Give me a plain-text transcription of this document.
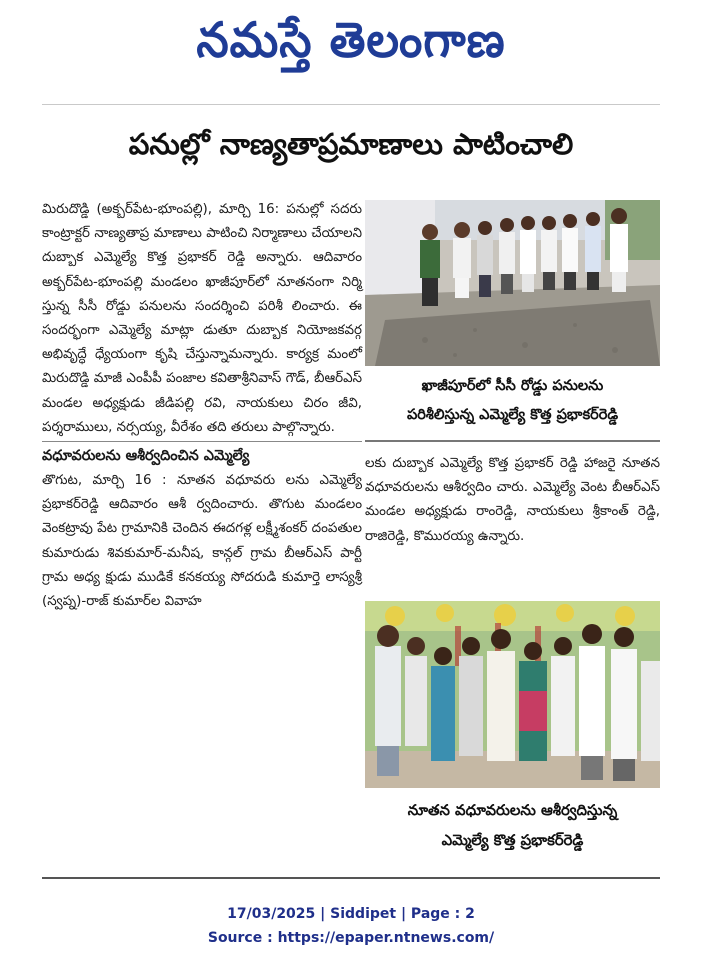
నమస్తే తెలంగాణ
పనుల్లో నాణ్యతాప్రమాణాలు పాటించాలి

మిరుదొడ్డి (అక్బర్‌పేట-భూంపల్లి), మార్చి 16: పనుల్లో సదరు కాంట్రాక్టర్‌ నాణ్యతాప్ర మాణాలు పాటించి నిర్మాణాలు చేయాలని దుబ్బాక ఎమ్మెల్యే కొత్త ప్రభాకర్‌ రెడ్డి అన్నారు. ఆదివారం అక్బర్‌పేట-భూంపల్లి మండలం ఖాజీపూర్‌లో నూతనంగా నిర్మి స్తున్న సీసీ రోడ్డు పనులను సందర్శించి పరిశీ లించారు. ఈ సందర్భంగా ఎమ్మెల్యే మాట్లా డుతూ దుబ్బాక నియోజకవర్గ అభివృద్ధే ధ్యేయంగా కృషి చేస్తున్నామన్నారు. కార్యక్ర మంలో మిరుదొడ్డి మాజీ ఎంపీపీ పంజాల కవితాశ్రీనివాస్‌ గౌడ్‌, బీఆర్‌ఎస్‌ మండల అధ్యక్షుడు జీడిపల్లి రవి, నాయకులు చిరం జీవి, పర్శరాములు, నర్సయ్య, వీరేశం తది తరులు పాల్గొన్నారు.

వధూవరులను ఆశీర్వదించిన ఎమ్మెల్యే

తొగుట, మార్చి 16 : నూతన వధూవరు లను ఎమ్మెల్యే ప్రభాకర్‌రెడ్డి ఆదివారం ఆశీ ర్వదించారు. తొగుట మండలం వెంకట్రావు పేట గ్రామానికి చెందిన ఈదగళ్ల లక్ష్మీశంకర్‌ దంపతుల కుమారుడు శివకుమార్‌-మనీష, కాన్గల్‌ గ్రామ బీఆర్‌ఎస్‌ పార్టీ గ్రామ అధ్య క్షుడు ముడికే కనకయ్య సోదరుడి కుమార్తె లాస్యశ్రీ (స్వప్న)-రాజ్‌ కుమార్‌ల వివాహ

ఖాజీపూర్‌లో సీసీ రోడ్డు పనులను
పరిశీలిస్తున్న ఎమ్మెల్యే కొత్త ప్రభాకర్‌రెడ్డి

లకు దుబ్బాక ఎమ్మెల్యే కొత్త ప్రభాకర్‌ రెడ్డి హాజరై నూతన వధూవరులను ఆశీర్వదిం చారు. ఎమ్మెల్యే వెంట బీఆర్‌ఎస్‌ మండల అధ్యక్షుడు రాంరెడ్డి, నాయకులు శ్రీకాంత్‌ రెడ్డి, రాజిరెడ్డి, కొమురయ్య ఉన్నారు.

నూతన వధూవరులను ఆశీర్వదిస్తున్న
ఎమ్మెల్యే కొత్త ప్రభాకర్‌రెడ్డి
17/03/2025 | Siddipet | Page : 2
Source : https://epaper.ntnews.com/
